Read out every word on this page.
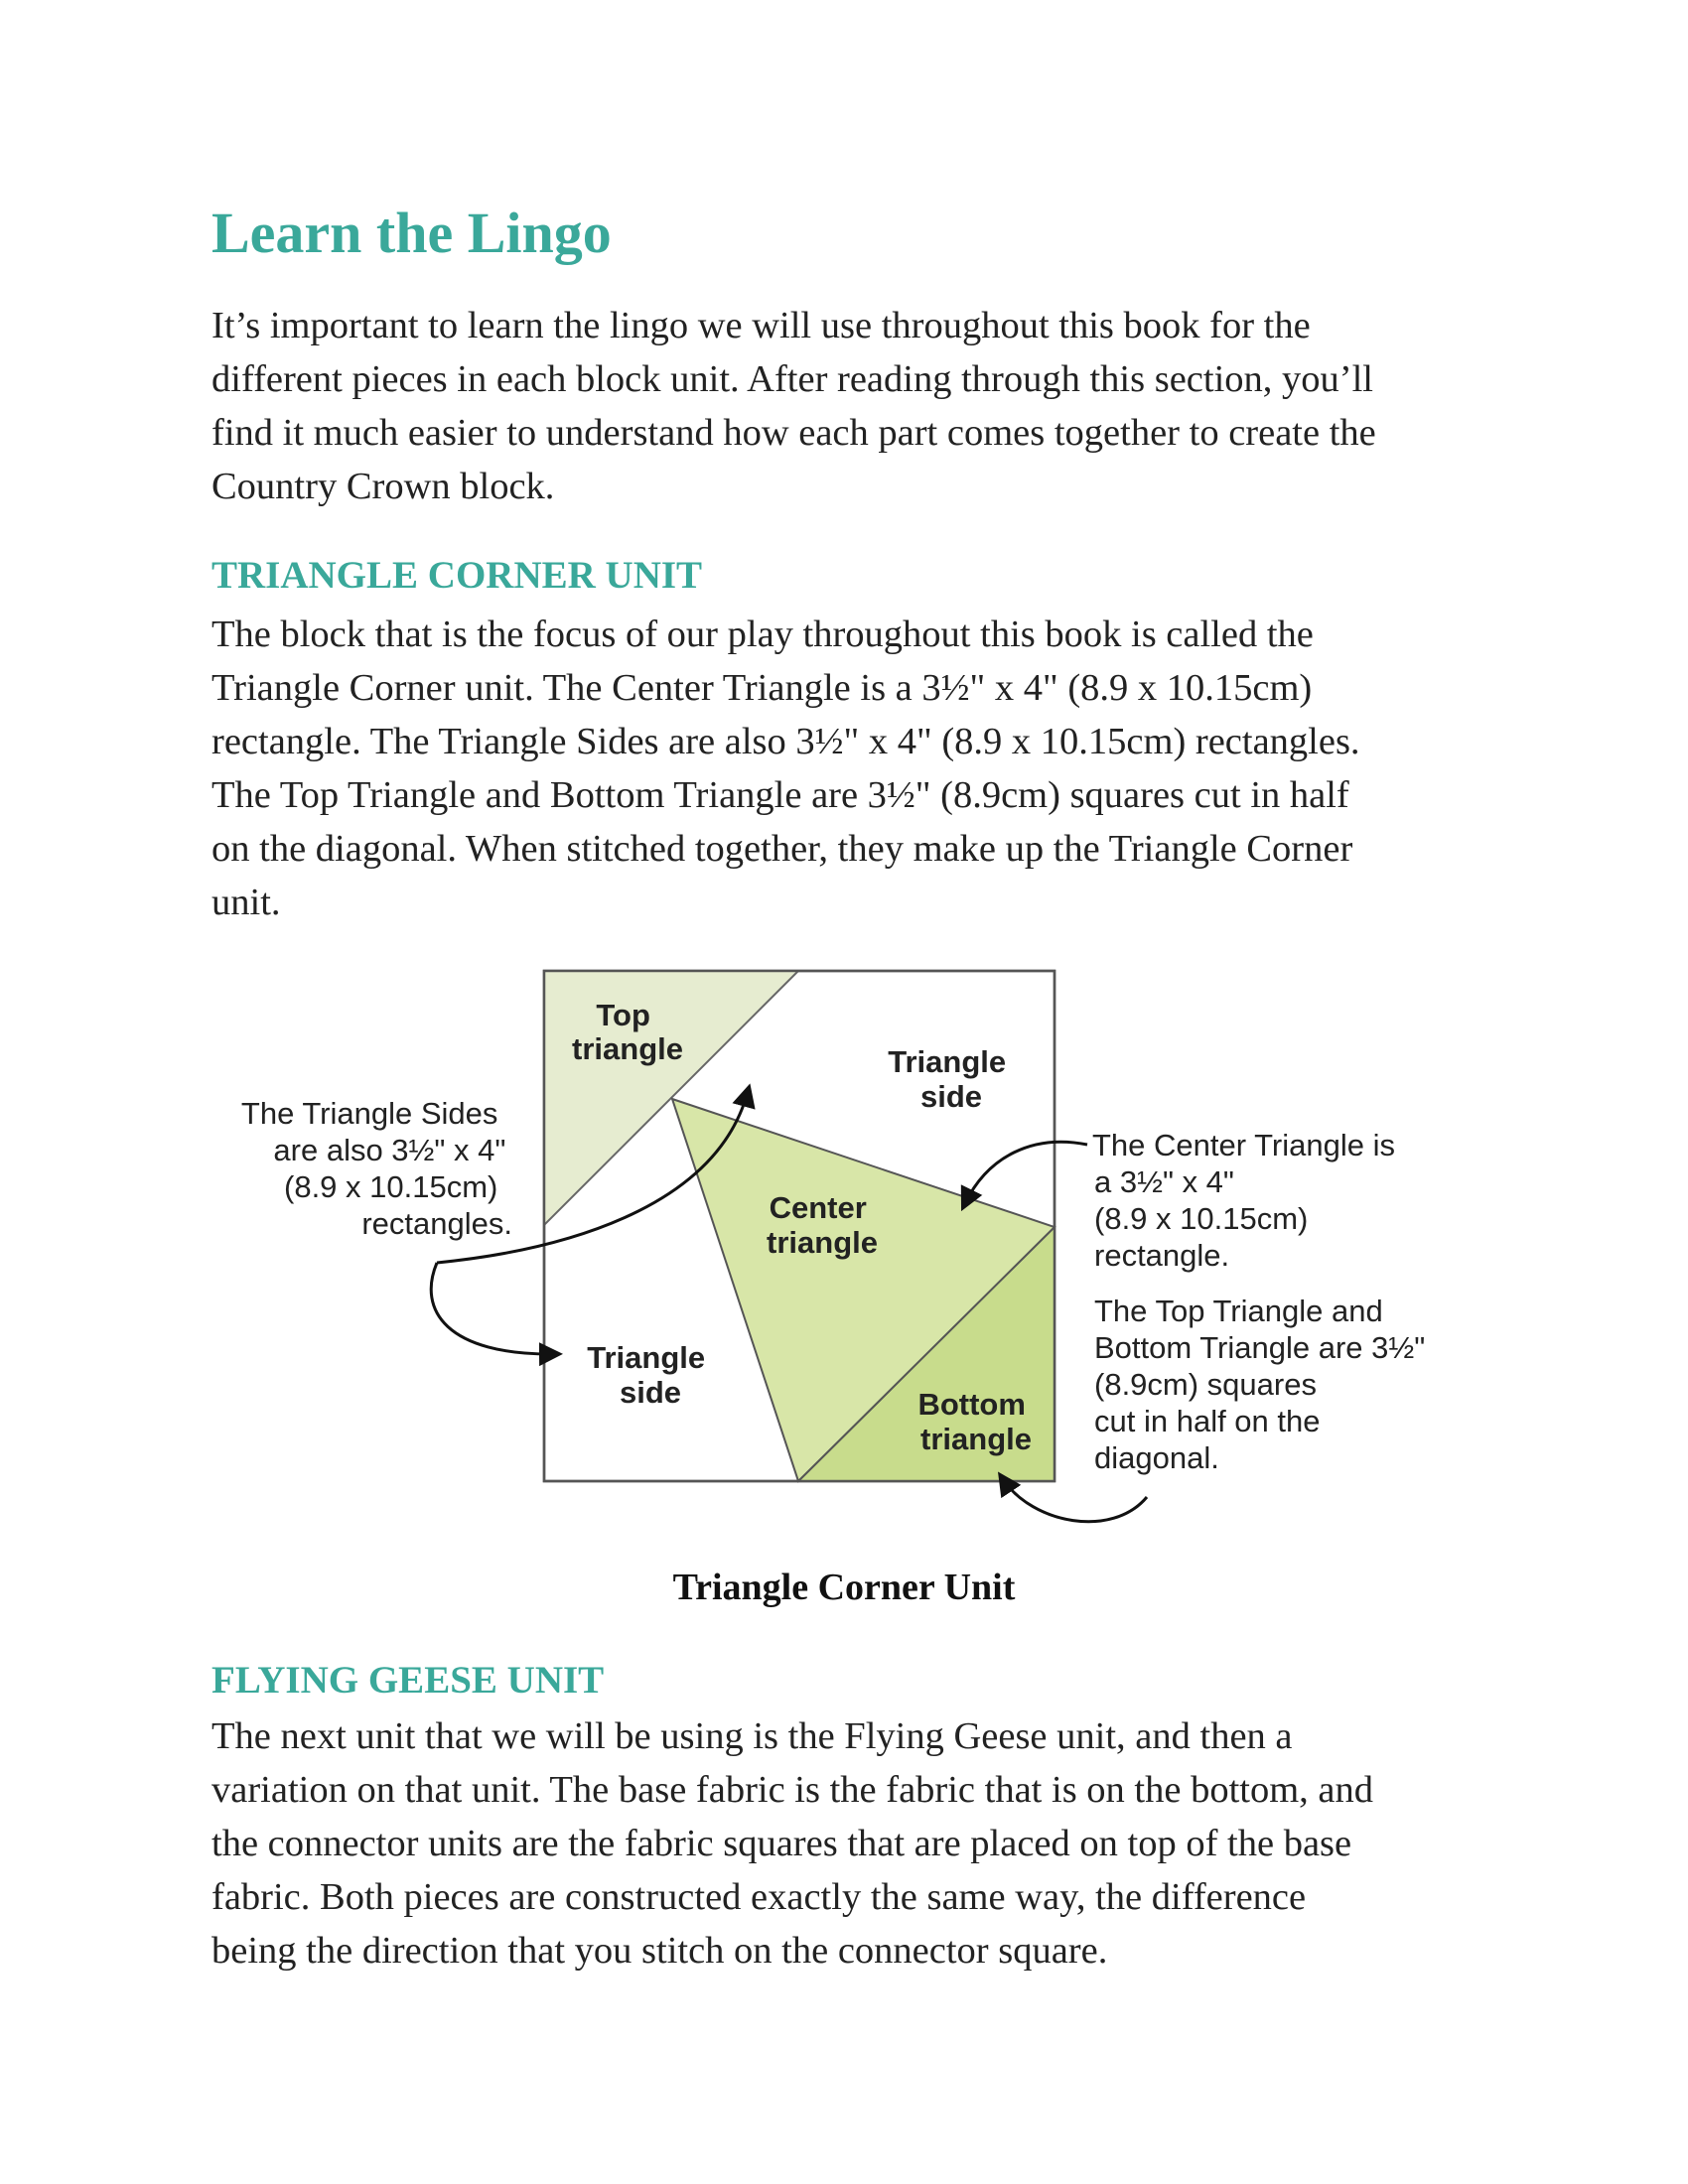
Learn the Lingo

It’s important to learn the lingo we will use throughout this book for the
different pieces in each block unit. After reading through this section, you’ll
find it much easier to understand how each part comes together to create the
Country Crown block.

TRIANGLE CORNER UNIT

The block that is the focus of our play throughout this book is called the
Triangle Corner unit. The Center Triangle is a 3½" x 4" (8.9 x 10.15cm)
rectangle. The Triangle Sides are also 3½" x 4" (8.9 x 10.15cm) rectangles.
The Top Triangle and Bottom Triangle are 3½" (8.9cm) squares cut in half
on the diagonal. When stitched together, they make up the Triangle Corner
unit.

Top triangle	Triangle side
Center triangle
Triangle side	Bottom triangle
The Triangle Sides are also 3½" x 4" (8.9 x 10.15cm) rectangles.
The Center Triangle is a 3½" x 4" (8.9 x 10.15cm) rectangle.
The Top Triangle and Bottom Triangle are 3½" (8.9cm) squares cut in half on the diagonal.
Triangle Corner Unit
FLYING GEESE UNIT

The next unit that we will be using is the Flying Geese unit, and then a
variation on that unit. The base fabric is the fabric that is on the bottom, and
the connector units are the fabric squares that are placed on top of the base
fabric. Both pieces are constructed exactly the same way, the difference
being the direction that you stitch on the connector square.
